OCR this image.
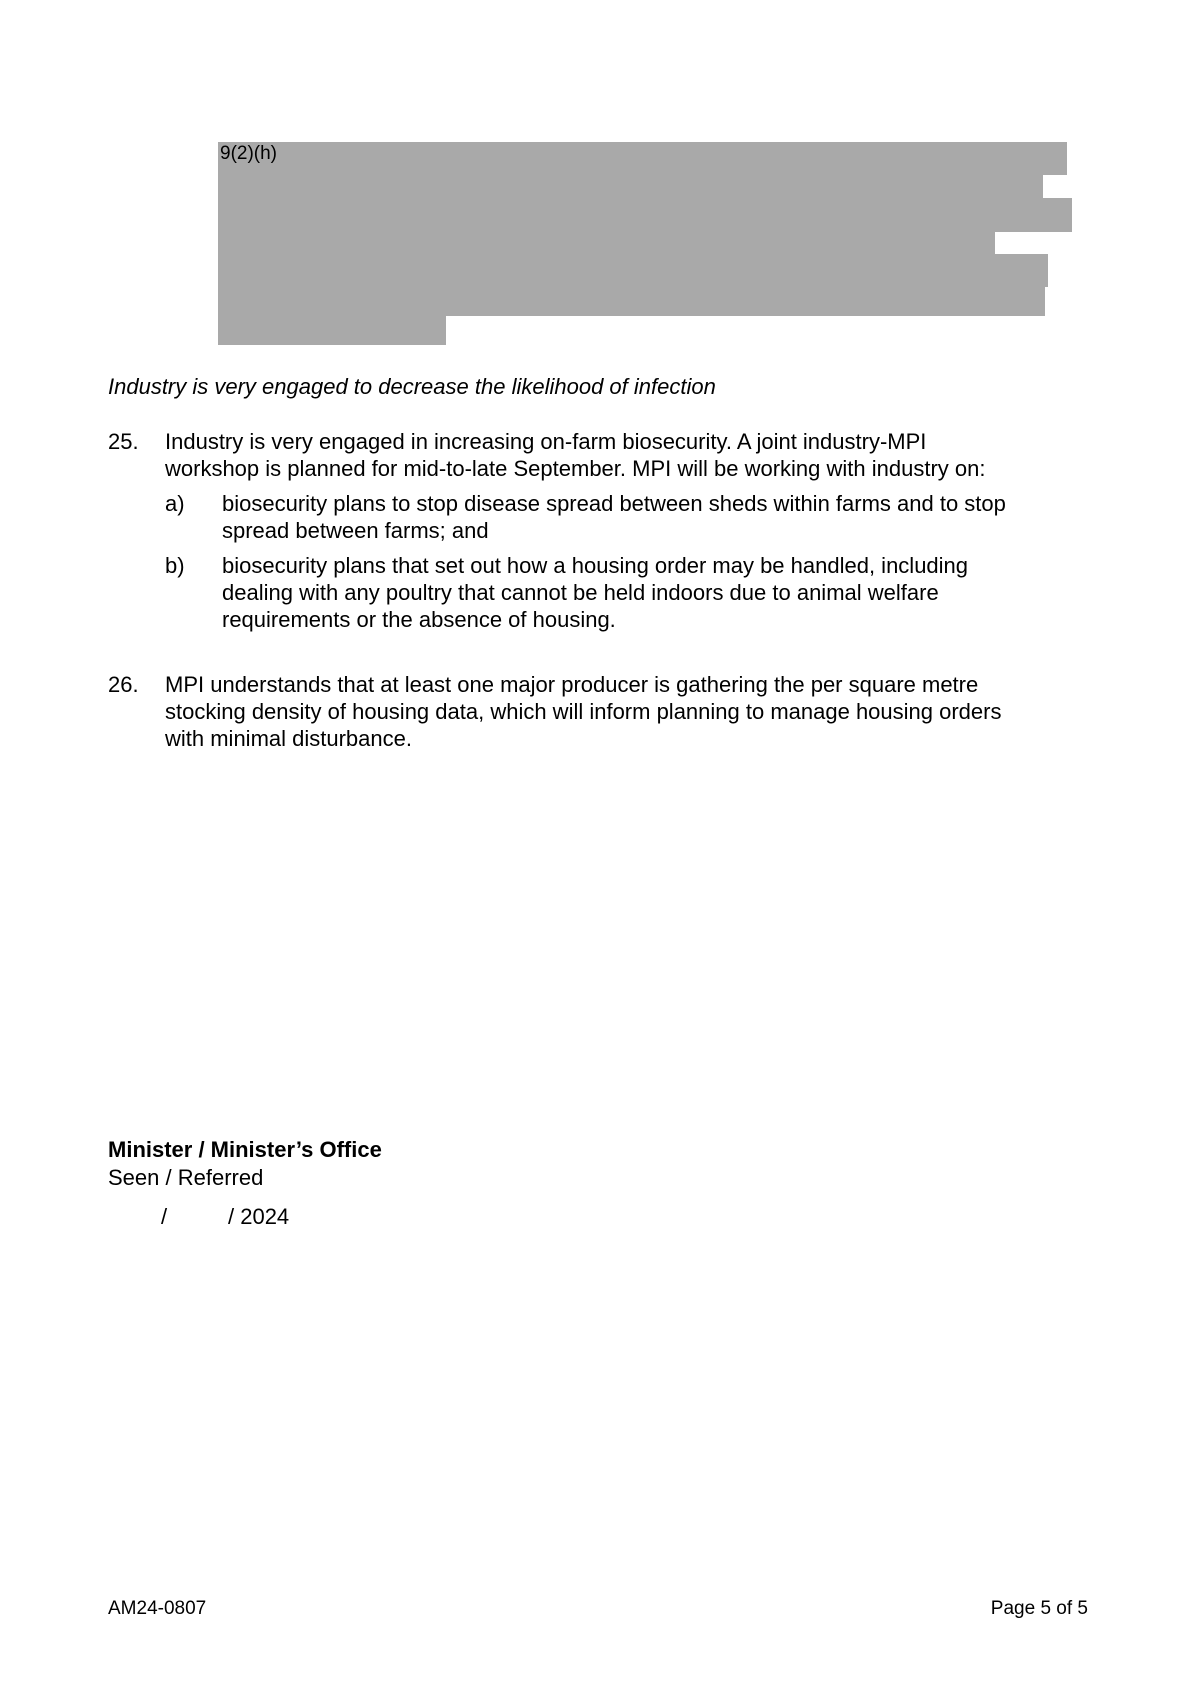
9(2)(h)
Industry is very engaged to decrease the likelihood of infection
25. Industry is very engaged in increasing on-farm biosecurity. A joint industry-MPI
workshop is planned for mid-to-late September. MPI will be working with industry on:
a) biosecurity plans to stop disease spread between sheds within farms and to stop
spread between farms; and
b) biosecurity plans that set out how a housing order may be handled, including
dealing with any poultry that cannot be held indoors due to animal welfare
requirements or the absence of housing.
26. MPI understands that at least one major producer is gathering the per square metre
stocking density of housing data, which will inform planning to manage housing orders
with minimal disturbance.
Minister / Minister’s Office
Seen / Referred
/	/ 2024
AM24-0807	Page 5 of 5
